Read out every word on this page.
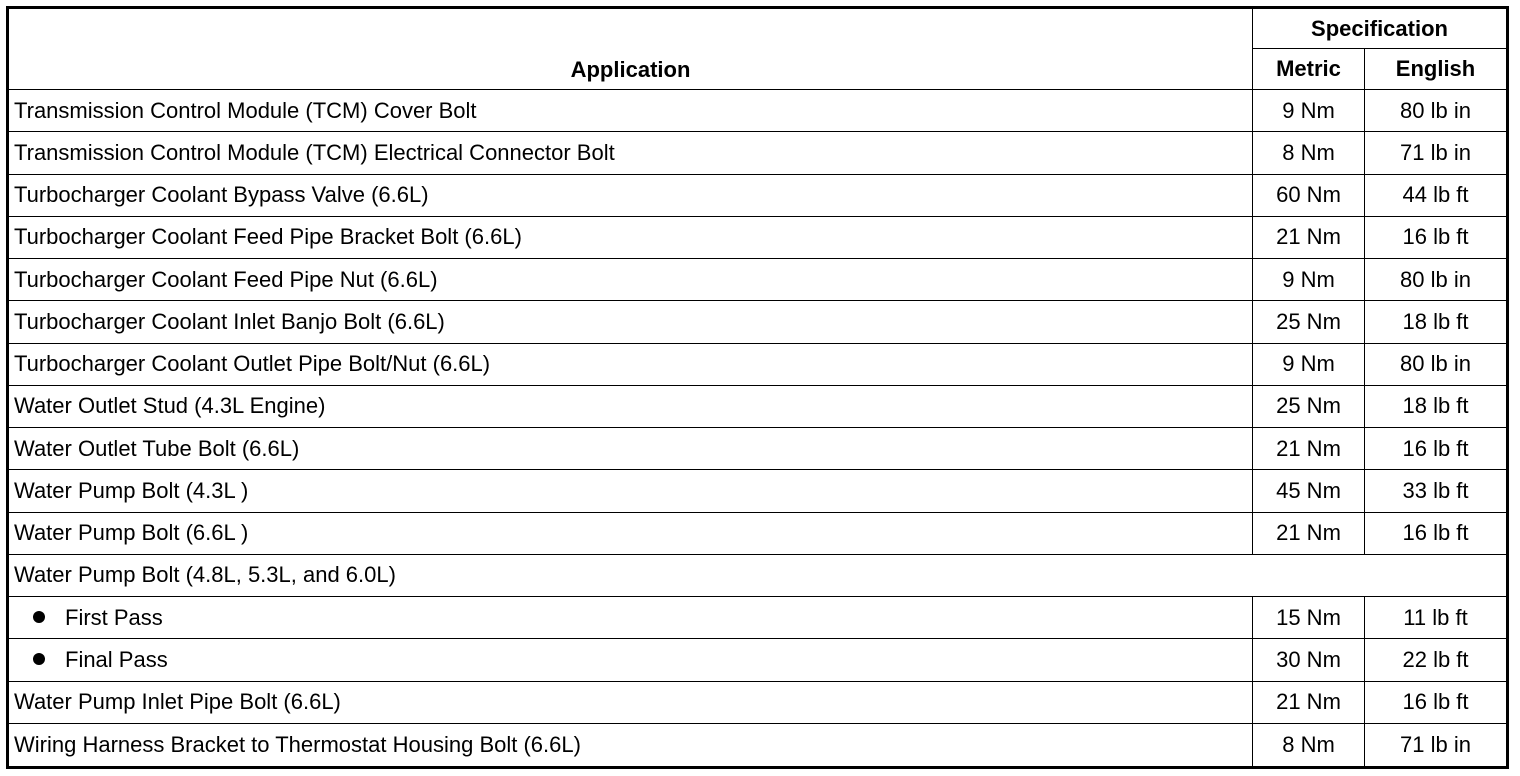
Application	Specification	
	Metric	English
Transmission Control Module (TCM) Cover Bolt	9 Nm	80 lb in
Transmission Control Module (TCM) Electrical Connector Bolt	8 Nm	71 lb in
Turbocharger Coolant Bypass Valve (6.6L)	60 Nm	44 lb ft
Turbocharger Coolant Feed Pipe Bracket Bolt (6.6L)	21 Nm	16 lb ft
Turbocharger Coolant Feed Pipe Nut (6.6L)	9 Nm	80 lb in
Turbocharger Coolant Inlet Banjo Bolt (6.6L)	25 Nm	18 lb ft
Turbocharger Coolant Outlet Pipe Bolt/Nut (6.6L)	9 Nm	80 lb in
Water Outlet Stud (4.3L Engine)	25 Nm	18 lb ft
Water Outlet Tube Bolt (6.6L)	21 Nm	16 lb ft
Water Pump Bolt (4.3L )	45 Nm	33 lb ft
Water Pump Bolt (6.6L )	21 Nm	16 lb ft
Water Pump Bolt (4.8L, 5.3L, and 6.0L)		
First Pass	15 Nm	11 lb ft
Final Pass	30 Nm	22 lb ft
Water Pump Inlet Pipe Bolt (6.6L)	21 Nm	16 lb ft
Wiring Harness Bracket to Thermostat Housing Bolt (6.6L)	8 Nm	71 lb in
